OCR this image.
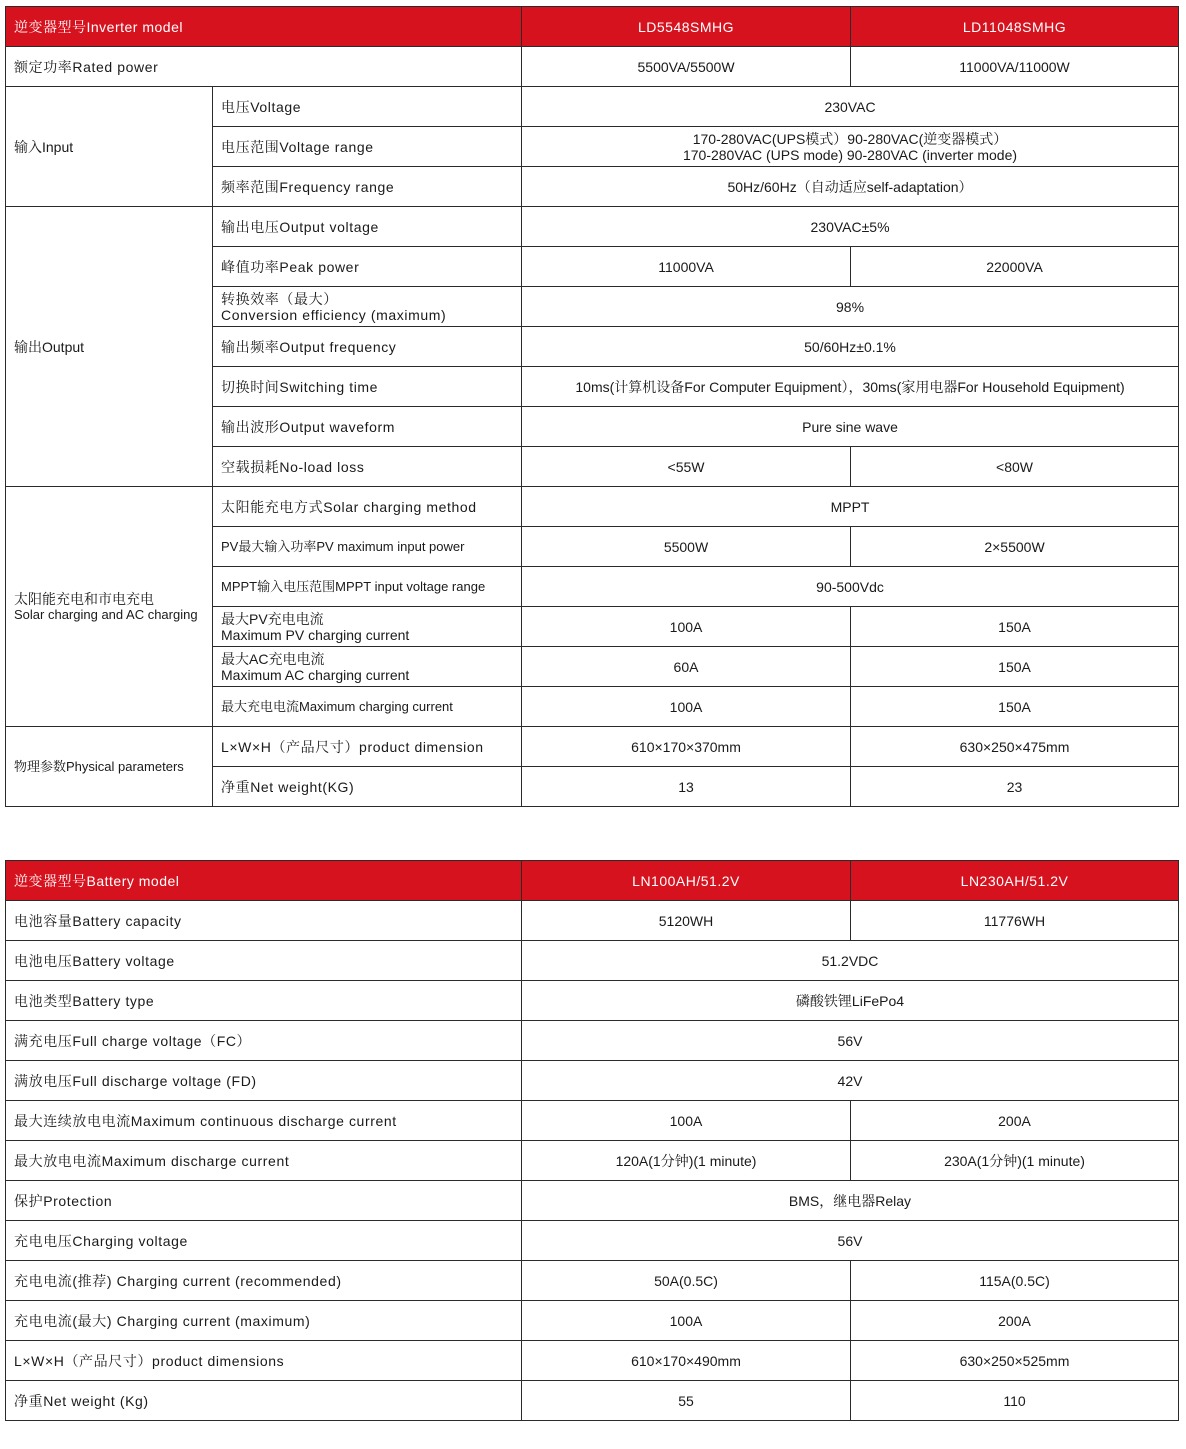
逆变器型号Inverter model		LD5548SMHG	LD11048SMHG
额定功率Rated power		5500VA/5500W	11000VA/11000W
输入Input	电压Voltage	230VAC	
	电压范围Voltage range	170-280VAC(UPS模式）90-280VAC(逆变器模式）
170-280VAC (UPS mode) 90-280VAC (inverter mode)	

	频率范围Frequency range	50Hz/60Hz（自动适应self-adaptation）	
输出Output	输出电压Output voltage	230VAC±5%	
	峰值功率Peak power	11000VA	22000VA

	转换效率（最大）
Conversion efficiency (maximum)	98%	
	输出频率Output frequency	50/60Hz±0.1%	
	切换时间Switching time	10ms(计算机设备For Computer Equipment），30ms(家用电器For Household Equipment)	
	输出波形Output waveform	Pure sine wave	
	空载损耗No-load loss	<55W	<80W

太阳能充电和市电充电
Solar charging and AC charging	太阳能充电方式Solar charging method	MPPT	
	PV最大输入功率PV maximum input power	5500W	2×5500W
	MPPT输入电压范围MPPT input voltage range	90-500Vdc	

	最大PV充电电流
Maximum PV charging current	100A	150A

	最大AC充电电流
Maximum AC charging current	60A	150A
	最大充电电流Maximum charging current	100A	150A
物理参数Physical parameters	L×W×H（产品尺寸）product dimension	610×170×370mm	630×250×475mm
	净重Net weight(KG)	13	23
逆变器型号Battery model	LN100AH/51.2V	LN230AH/51.2V
电池容量Battery capacity	5120WH	11776WH
电池电压Battery voltage	51.2VDC	
电池类型Battery type	磷酸铁锂LiFePo4	
满充电压Full charge voltage（FC）	56V	
满放电压Full discharge voltage (FD)	42V	
最大连续放电电流Maximum continuous discharge current	100A	200A
最大放电电流Maximum discharge current	120A(1分钟)(1 minute)	230A(1分钟)(1 minute)
保护Protection	BMS，继电器Relay	
充电电压Charging voltage	56V	
充电电流(推荐) Charging current (recommended)	50A(0.5C)	115A(0.5C)
充电电流(最大) Charging current (maximum)	100A	200A
L×W×H（产品尺寸）product dimensions	610×170×490mm	630×250×525mm
净重Net weight (Kg)	55	110
